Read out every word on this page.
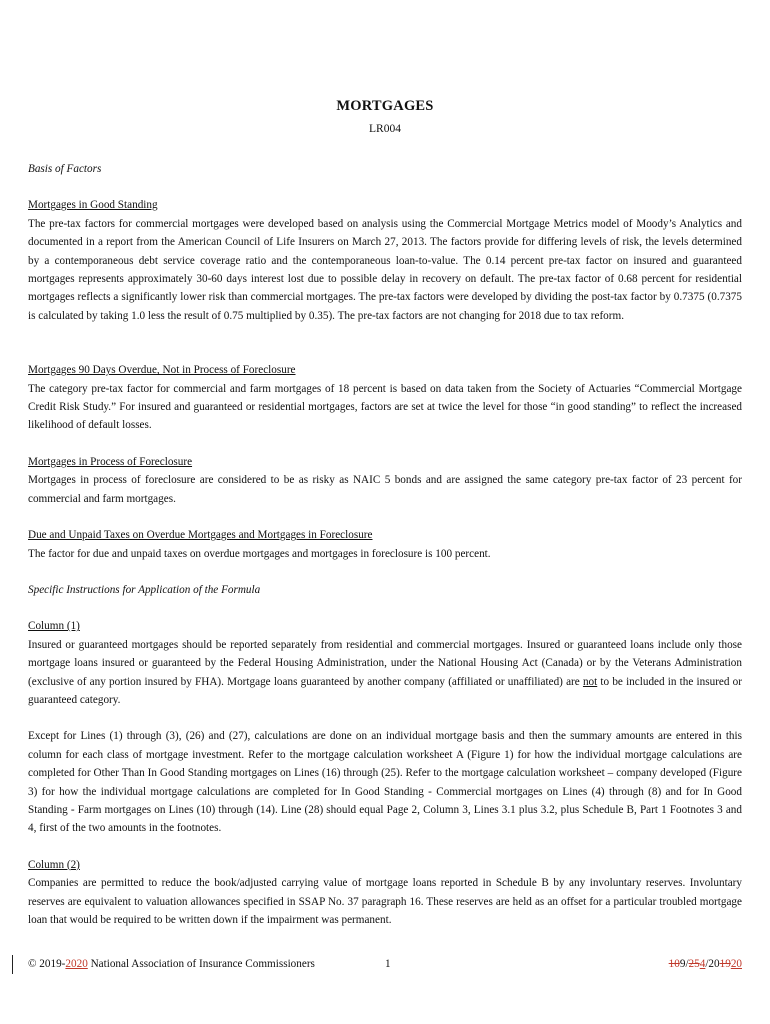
MORTGAGES
LR004

Basis of Factors

Mortgages in Good Standing

The pre-tax factors for commercial mortgages were developed based on analysis using the Commercial Mortgage Metrics model of Moody’s Analytics and documented in a report from the American Council of Life Insurers on March 27, 2013. The factors provide for differing levels of risk, the levels determined by a contemporaneous debt service coverage ratio and the contemporaneous loan-to-value. The 0.14 percent pre-tax factor on insured and guaranteed mortgages represents approximately 30-60 days interest lost due to possible delay in recovery on default. The pre-tax factor of 0.68 percent for residential mortgages reflects a significantly lower risk than commercial mortgages. The pre-tax factors were developed by dividing the post-tax factor by 0.7375 (0.7375 is calculated by taking 1.0 less the result of 0.75 multiplied by 0.35). The pre-tax factors are not changing for 2018 due to tax reform.

Mortgages 90 Days Overdue, Not in Process of Foreclosure

The category pre-tax factor for commercial and farm mortgages of 18 percent is based on data taken from the Society of Actuaries “Commercial Mortgage Credit Risk Study.” For insured and guaranteed or residential mortgages, factors are set at twice the level for those “in good standing” to reflect the increased likelihood of default losses.

Mortgages in Process of Foreclosure

Mortgages in process of foreclosure are considered to be as risky as NAIC 5 bonds and are assigned the same category pre-tax factor of 23 percent for commercial and farm mortgages.

Due and Unpaid Taxes on Overdue Mortgages and Mortgages in Foreclosure

The factor for due and unpaid taxes on overdue mortgages and mortgages in foreclosure is 100 percent.

Specific Instructions for Application of the Formula

Column (1)

Insured or guaranteed mortgages should be reported separately from residential and commercial mortgages. Insured or guaranteed loans include only those mortgage loans insured or guaranteed by the Federal Housing Administration, under the National Housing Act (Canada) or by the Veterans Administration (exclusive of any portion insured by FHA). Mortgage loans guaranteed by another company (affiliated or unaffiliated) are not to be included in the insured or guaranteed category.

Except for Lines (1) through (3), (26) and (27), calculations are done on an individual mortgage basis and then the summary amounts are entered in this column for each class of mortgage investment. Refer to the mortgage calculation worksheet A (Figure 1) for how the individual mortgage calculations are completed for Other Than In Good Standing mortgages on Lines (16) through (25). Refer to the mortgage calculation worksheet – company developed (Figure 3) for how the individual mortgage calculations are completed for In Good Standing - Commercial mortgages on Lines (4) through (8) and for In Good Standing - Farm mortgages on Lines (10) through (14). Line (28) should equal Page 2, Column 3, Lines 3.1 plus 3.2, plus Schedule B, Part 1 Footnotes 3 and 4, first of the two amounts in the footnotes.

Column (2)

Companies are permitted to reduce the book/adjusted carrying value of mortgage loans reported in Schedule B by any involuntary reserves. Involuntary reserves are equivalent to valuation allowances specified in SSAP No. 37 paragraph 16. These reserves are held as an offset for a particular troubled mortgage loan that would be required to be written down if the impairment was permanent.

© 2019-2020 National Association of Insurance Commissioners	1	109/254/201920
